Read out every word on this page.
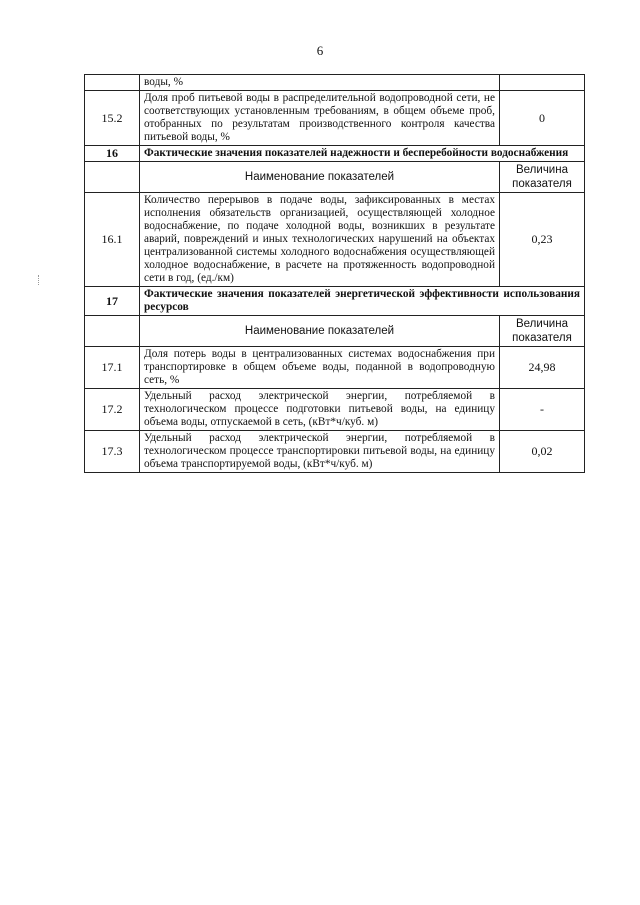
6
	воды, %	
15.2	Доля проб питьевой воды в распределительной водопроводной сети, не соответствующих установленным требованиям, в общем объеме проб, отобранных по результатам производственного контроля качества питьевой воды, %	0
16	Фактические значения показателей надежности и бесперебойности водоснабжения	
	Наименование показателей	Величина показателя
16.1	Количество перерывов в подаче воды, зафиксированных в местах исполнения обязательств организацией, осуществляющей холодное водоснабжение, по подаче холодной воды, возникших в результате аварий, повреждений и иных технологических нарушений на объектах централизованной системы холодного водоснабжения осуществляющей холодное водоснабжение, в расчете на протяженность водопроводной сети в год, (ед./км)	0,23
17	Фактические значения показателей энергетической эффективности использования ресурсов	
	Наименование показателей	Величина показателя
17.1	Доля потерь воды в централизованных системах водоснабжения при транспортировке в общем объеме воды, поданной в водопроводную сеть, %	24,98
17.2	Удельный расход электрической энергии, потребляемой в технологическом процессе подготовки питьевой воды, на единицу объема воды, отпускаемой в сеть, (кВт*ч/куб. м)	-
17.3	Удельный расход электрической энергии, потребляемой в технологическом процессе транспортировки питьевой воды, на единицу объема транспортируемой воды, (кВт*ч/куб. м)	0,02
